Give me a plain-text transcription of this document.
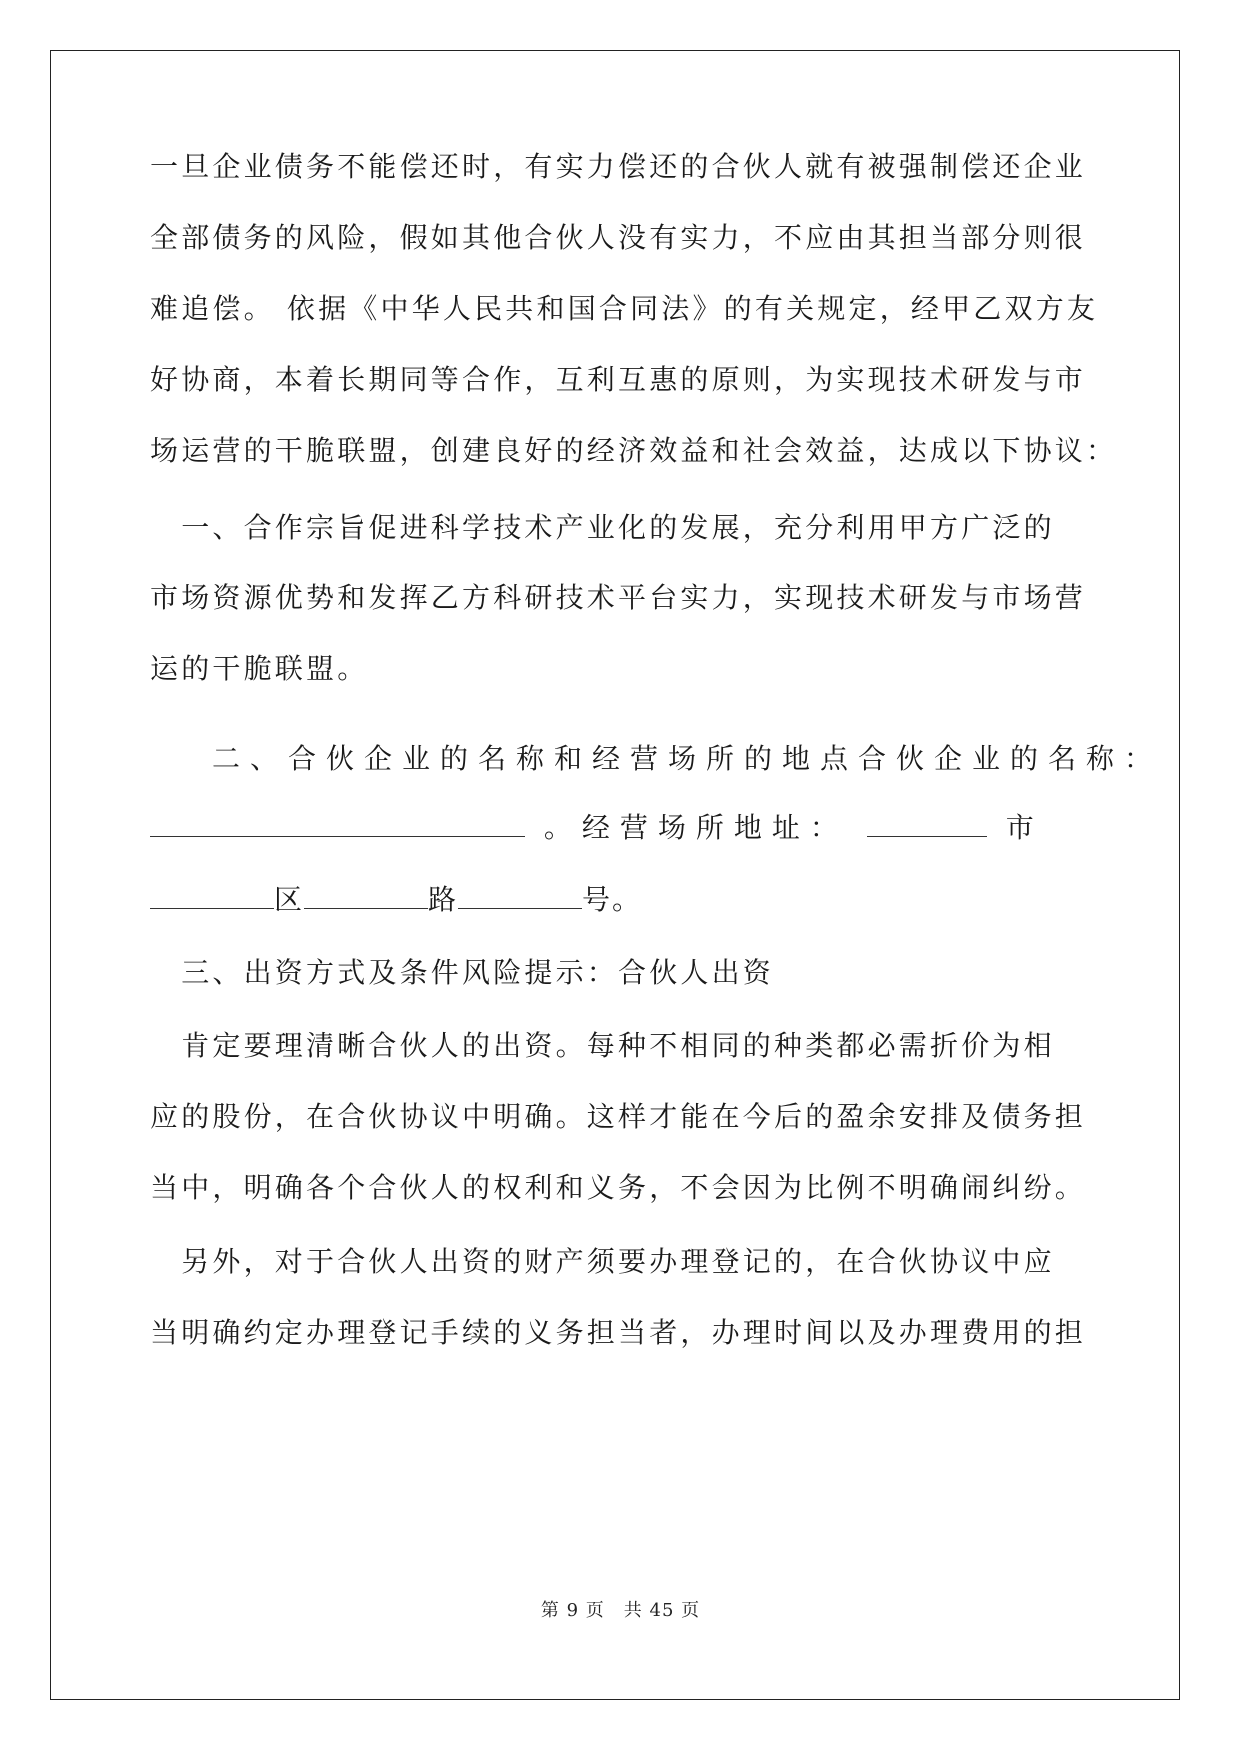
一旦企业债务不能偿还时，有实力偿还的合伙人就有被强制偿还企业
全部债务的风险，假如其他合伙人没有实力，不应由其担当部分则很
难追偿。 依据《中华人民共和国合同法》的有关规定，经甲乙双方友
好协商，本着长期同等合作，互利互惠的原则，为实现技术研发与市
场运营的干脆联盟，创建良好的经济效益和社会效益，达成以下协议：
　一、合作宗旨促进科学技术产业化的发展，充分利用甲方广泛的
市场资源优势和发挥乙方科研技术平台实力，实现技术研发与市场营
运的干脆联盟。
二、合伙企业的名称和经营场所的地点合伙企业的名称：
。经营场所地址：	市
区	路	号。
　三、出资方式及条件风险提示：合伙人出资
　肯定要理清晰合伙人的出资。每种不相同的种类都必需折价为相
应的股份，在合伙协议中明确。这样才能在今后的盈余安排及债务担
当中，明确各个合伙人的权利和义务，不会因为比例不明确闹纠纷。
　另外，对于合伙人出资的财产须要办理登记的，在合伙协议中应
当明确约定办理登记手续的义务担当者，办理时间以及办理费用的担
第 9 页　共 45 页
